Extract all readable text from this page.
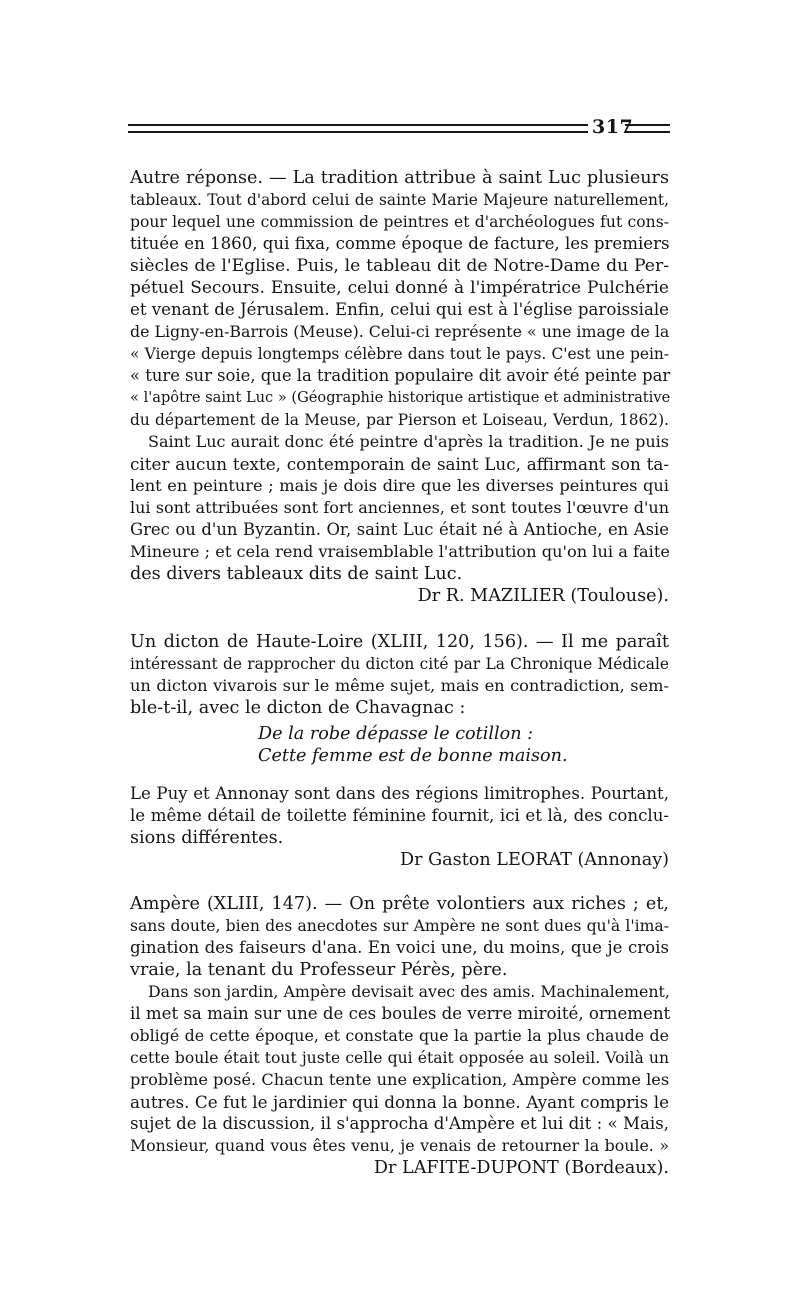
317
Autre réponse. — La tradition attribue à saint Luc plusieurs
tableaux. Tout d'abord celui de sainte Marie Majeure naturellement,
pour lequel une commission de peintres et d'archéologues fut cons-
tituée en 1860, qui fixa, comme époque de facture, les premiers
siècles de l'Eglise. Puis, le tableau dit de Notre-Dame du Per-
pétuel Secours. Ensuite, celui donné à l'impératrice Pulchérie
et venant de Jérusalem. Enfin, celui qui est à l'église paroissiale
de Ligny-en-Barrois (Meuse). Celui-ci représente « une image de la
« Vierge depuis longtemps célèbre dans tout le pays. C'est une pein-
« ture sur soie, que la tradition populaire dit avoir été peinte par
« l'apôtre saint Luc » (Géographie historique artistique et administrative
du département de la Meuse, par Pierson et Loiseau, Verdun, 1862).
Saint Luc aurait donc été peintre d'après la tradition. Je ne puis
citer aucun texte, contemporain de saint Luc, affirmant son ta-
lent en peinture ; mais je dois dire que les diverses peintures qui
lui sont attribuées sont fort anciennes, et sont toutes l'œuvre d'un
Grec ou d'un Byzantin. Or, saint Luc était né à Antioche, en Asie
Mineure ; et cela rend vraisemblable l'attribution qu'on lui a faite
des divers tableaux dits de saint Luc.
Dr R. MAZILIER (Toulouse).
Un dicton de Haute-Loire (XLIII, 120, 156). — Il me paraît
intéressant de rapprocher du dicton cité par La Chronique Médicale
un dicton vivarois sur le même sujet, mais en contradiction, sem-
ble-t-il, avec le dicton de Chavagnac :
De la robe dépasse le cotillon :
Cette femme est de bonne maison.
Le Puy et Annonay sont dans des régions limitrophes. Pourtant,
le même détail de toilette féminine fournit, ici et là, des conclu-
sions différentes.
Dr Gaston LEORAT (Annonay)
Ampère (XLIII, 147). — On prête volontiers aux riches ; et,
sans doute, bien des anecdotes sur Ampère ne sont dues qu'à l'ima-
gination des faiseurs d'ana. En voici une, du moins, que je crois
vraie, la tenant du Professeur Pérès, père.
Dans son jardin, Ampère devisait avec des amis. Machinalement,
il met sa main sur une de ces boules de verre miroité, ornement
obligé de cette époque, et constate que la partie la plus chaude de
cette boule était tout juste celle qui était opposée au soleil. Voilà un
problème posé. Chacun tente une explication, Ampère comme les
autres. Ce fut le jardinier qui donna la bonne. Ayant compris le
sujet de la discussion, il s'approcha d'Ampère et lui dit : « Mais,
Monsieur, quand vous êtes venu, je venais de retourner la boule. »
Dr LAFITE-DUPONT (Bordeaux).
